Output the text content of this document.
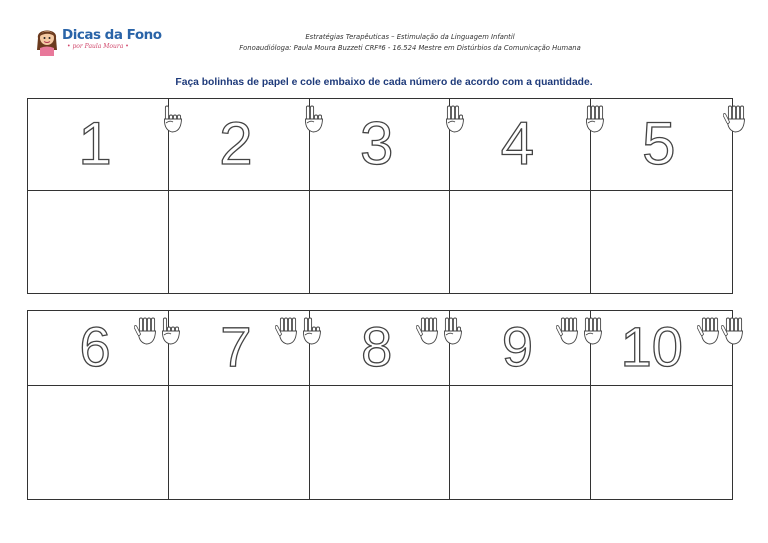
Dicas da Fono
• por Paula Moura •
Estratégias Terapêuticas – Estimulação da Linguagem Infantil
Fonoaudióloga: Paula Moura Buzzeti CRFª6 - 16.524 Mestre em Distúrbios da Comunicação Humana
Faça bolinhas de papel e cole embaixo de cada número de acordo com a quantidade.
1 2 3 4 5
6 7 8 9 10
